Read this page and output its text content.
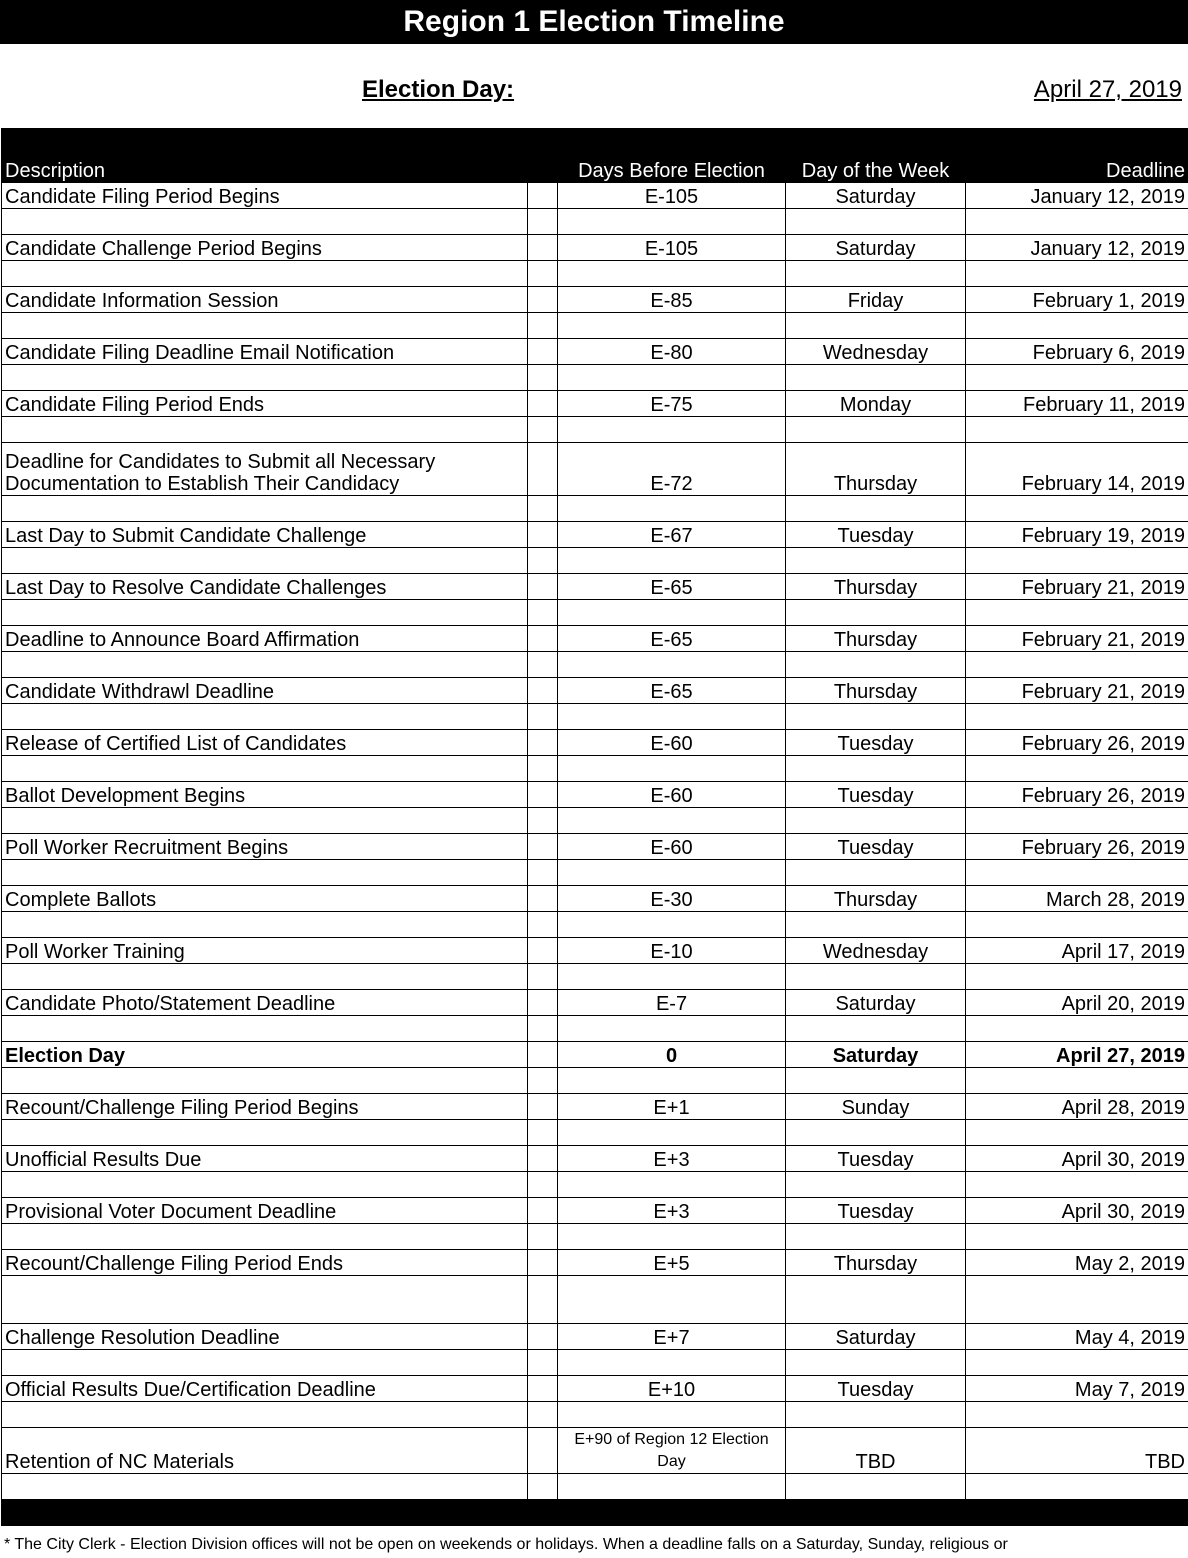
Region 1 Election Timeline
Election Day:	April 27, 2019
Description		Days Before Election	Day of the Week	Deadline
Candidate Filing Period Begins		E-105	Saturday	January 12, 2019

Candidate Challenge Period Begins		E-105	Saturday	January 12, 2019

Candidate Information Session		E-85	Friday	February 1, 2019

Candidate Filing Deadline Email Notification		E-80	Wednesday	February 6, 2019

Candidate Filing Period Ends		E-75	Monday	February 11, 2019

Deadline for Candidates to Submit all Necessary
Documentation to Establish Their Candidacy		E-72	Thursday	February 14, 2019

Last Day to Submit Candidate Challenge		E-67	Tuesday	February 19, 2019

Last Day to Resolve Candidate Challenges		E-65	Thursday	February 21, 2019

Deadline to Announce Board Affirmation		E-65	Thursday	February 21, 2019

Candidate Withdrawl Deadline		E-65	Thursday	February 21, 2019

Release of Certified List of Candidates		E-60	Tuesday	February 26, 2019

Ballot Development Begins		E-60	Tuesday	February 26, 2019

Poll Worker Recruitment Begins		E-60	Tuesday	February 26, 2019

Complete Ballots		E-30	Thursday	March 28, 2019

Poll Worker Training		E-10	Wednesday	April 17, 2019

Candidate Photo/Statement Deadline		E-7	Saturday	April 20, 2019

Election Day		0	Saturday	April 27, 2019

Recount/Challenge Filing Period Begins		E+1	Sunday	April 28, 2019

Unofficial Results Due		E+3	Tuesday	April 30, 2019

Provisional Voter Document Deadline		E+3	Tuesday	April 30, 2019

Recount/Challenge Filing Period Ends		E+5	Thursday	May 2, 2019

Challenge Resolution Deadline		E+7	Saturday	May 4, 2019

Official Results Due/Certification Deadline		E+10	Tuesday	May 7, 2019

Retention of NC Materials		E+90 of Region 12 Election Day	TBD	TBD

* The City Clerk - Election Division offices will not be open on weekends or holidays. When a deadline falls on a Saturday, Sunday, religious or
